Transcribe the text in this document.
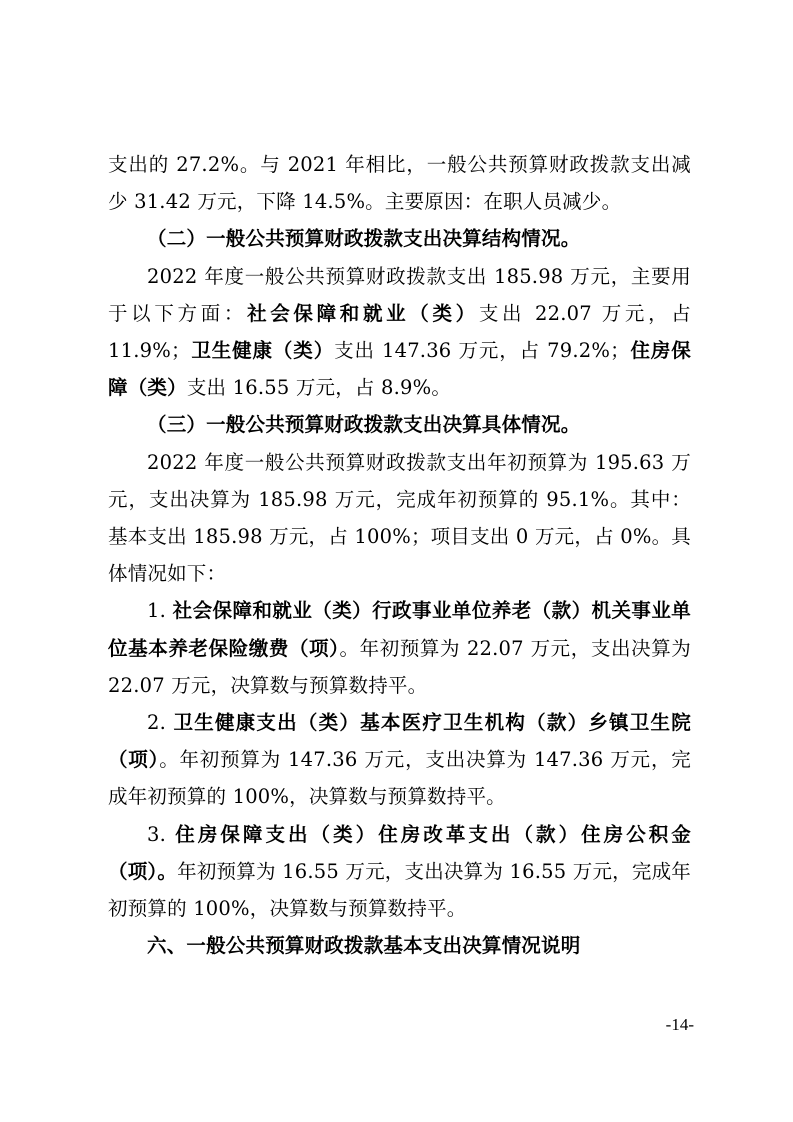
支出的 27.2%。与 2021 年相比，一般公共预算财政拨款支出减少 31.42 万元，下降 14.5%。主要原因：在职人员减少。

（二）一般公共预算财政拨款支出决算结构情况。

2022 年度一般公共预算财政拨款支出 185.98 万元，主要用于以下方面：社会保障和就业（类）支出 22.07 万元，占 11.9%；卫生健康（类）支出 147.36 万元，占 79.2%；住房保障（类）支出 16.55 万元，占 8.9%。

（三）一般公共预算财政拨款支出决算具体情况。

2022 年度一般公共预算财政拨款支出年初预算为 195.63 万元，支出决算为 185.98 万元，完成年初预算的 95.1%。其中：基本支出 185.98 万元，占 100%；项目支出 0 万元，占 0%。具体情况如下：

1. 社会保障和就业（类）行政事业单位养老（款）机关事业单位基本养老保险缴费（项）。年初预算为 22.07 万元，支出决算为 22.07 万元，决算数与预算数持平。

2. 卫生健康支出（类）基本医疗卫生机构（款）乡镇卫生院（项）。年初预算为 147.36 万元，支出决算为 147.36 万元，完成年初预算的 100%，决算数与预算数持平。

3. 住房保障支出（类）住房改革支出（款）住房公积金（项）。年初预算为 16.55 万元，支出决算为 16.55 万元，完成年初预算的 100%，决算数与预算数持平。

六、一般公共预算财政拨款基本支出决算情况说明

-14-
